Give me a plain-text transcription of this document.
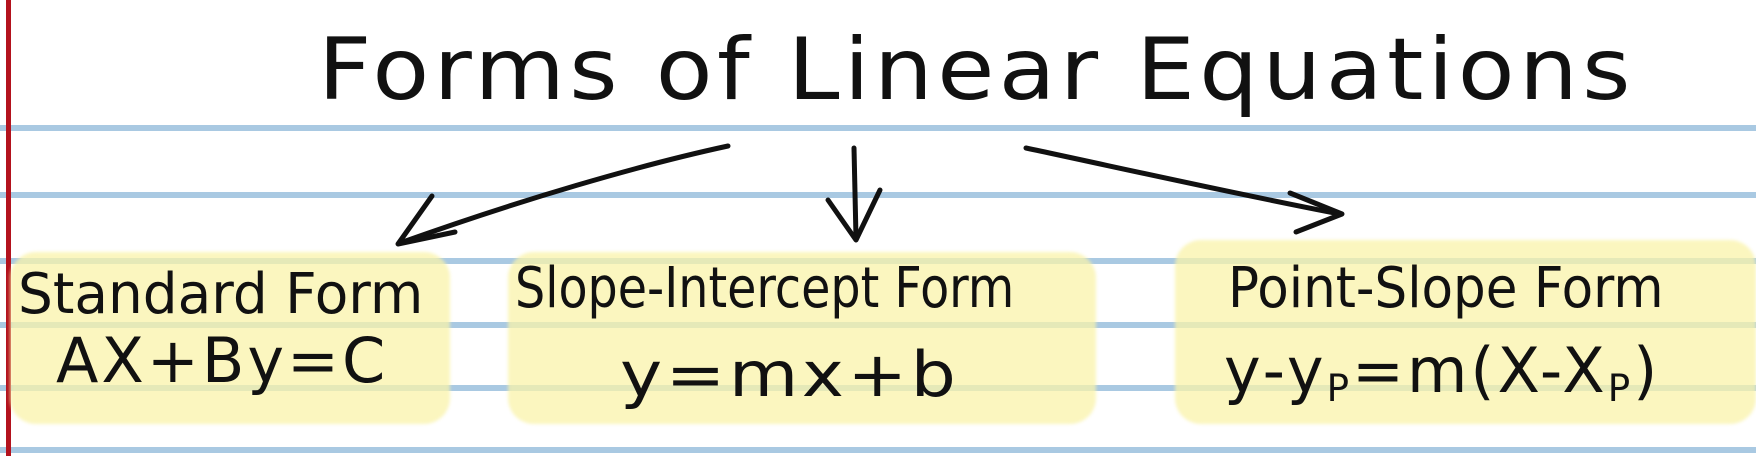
Forms of Linear Equations
Standard Form
AX+By=C
Slope-Intercept Form
y=mx+b
Point-Slope Form
y-yP=m(X-XP)
